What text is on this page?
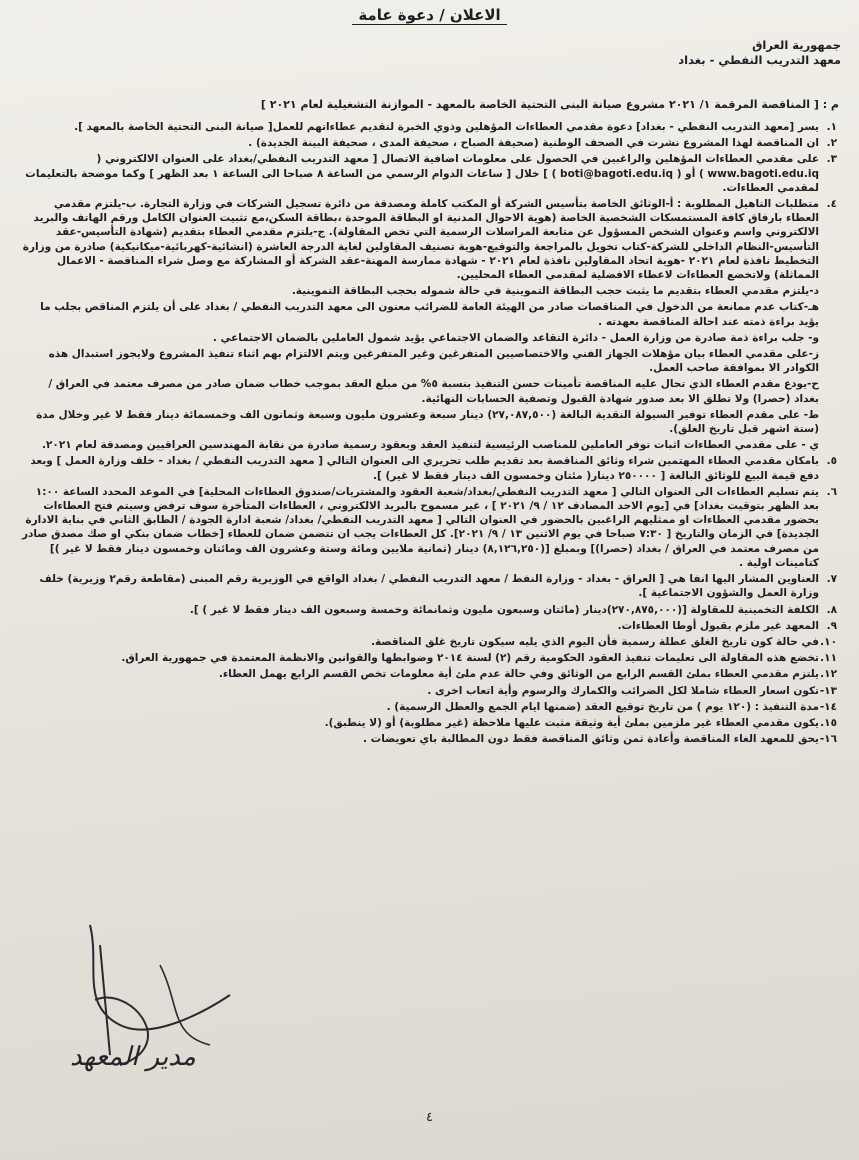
الاعلان / دعوة عامة
جمهورية العراق
معهد التدريب النفطي - بغداد
م : [ المناقصة المرقمة ١/ ٢٠٢١ مشروع صيانة البنى التحتية الخاصة بالمعهد - الموازنة التشغيلية لعام ٢٠٢١ ]
١.
يسر [معهد التدريب النفطي - بغداد] دعوة مقدمي العطاءات المؤهلين وذوي الخبرة لتقديم عطاءاتهم للعمل[ صيانة البنى التحتية الخاصة بالمعهد ].
٢.
ان المناقصة لهذا المشروع نشرت في الصحف الوطنية (صحيفة الصباح ، صحيفة المدى ، صحيفة البينة الجديدة) .
٣.
على مقدمي العطاءات المؤهلين والراغبين في الحصول على معلومات اضافية الاتصال [ معهد التدريب النفطي/بغداد على العنوان الالكتروني ( www.bagoti.edu.iq ) أو ( boti@bagoti.edu.iq ) ] خلال [ ساعات الدوام الرسمي من الساعة ٨ صباحا الى الساعة ١ بعد الظهر ] وكما موضحة بالتعليمات لمقدمي العطاءات.
٤.
متطلبات التاهيل المطلوبة : أ-الوثائق الخاصة بتأسيس الشركة أو المكتب كاملة ومصدقة من دائرة تسجيل الشركات في وزارة التجارة. ب-يلتزم مقدمي العطاء بارفاق كافة المستمسكات الشخصية الخاصة (هوية الاحوال المدنية او البطاقة الموحدة ،بطاقة السكن،مع تثبيت العنوان الكامل ورقم الهاتف والبريد الالكتروني واسم وعنوان الشخص المسؤول عن متابعة المراسلات الرسمية التي تخص المقاولة). ج-يلتزم مقدمي العطاء بتقديم (شهادة التأسيس-عقد التأسيس-النظام الداخلي للشركة-كتاب تخويل بالمراجعة والتوقيع-هوية تصنيف المقاولين لغاية الدرجة العاشرة (انشائية-كهربائية-ميكانيكية) صادرة من وزارة التخطيط نافذة لعام ٢٠٢١ -هوية اتحاد المقاولين نافذة لعام ٢٠٢١ - شهادة ممارسة المهنة-عقد الشركة أو المشاركة مع وصل شراء المناقصة - الاعمال المماثلة) ولاتخضع العطاءات لاعطاء الافضلية لمقدمي العطاء المحليين.
د-يلتزم مقدمي العطاء بتقديم ما يثبت حجب البطاقة التموينية في حالة شموله بحجب البطاقة التموينية.
هـ-كتاب عدم ممانعة من الدخول في المناقصات صادر من الهيئة العامة للضرائب معنون الى معهد التدريب النفطي / بغداد على أن يلتزم المناقص بجلب ما يؤيد براءة ذمته عند احالة المناقصة بعهدته .
و- جلب براءة ذمة صادرة من وزارة العمل - دائرة التقاعد والضمان الاجتماعي يؤيد شمول العاملين بالضمان الاجتماعي .
ز-على مقدمي العطاء بيان مؤهلات الجهاز الفني والاختصاصيين المتفرغين وغير المتفرغين ويتم الالتزام بهم اثناء تنفيذ المشروع ولايجوز استبدال هذه الكوادر الا بموافقة صاحب العمل.
ح-يودع مقدم العطاء الذي تحال عليه المناقصة تأمينات حسن التنفيذ بنسبة ٥% من مبلغ العقد بموجب خطاب ضمان صادر من مصرف معتمد في العراق / بغداد (حصرا) ولا تطلق الا بعد صدور شهادة القبول وتصفية الحسابات النهائية.
ط- على مقدم العطاء توفير السيولة النقدية البالغة (٢٧,٠٨٧,٥٠٠) دينار سبعة وعشرون مليون وسبعة وثمانون الف وخمسمائة دينار فقط لا غير وخلال مدة (ستة اشهر قبل تاريخ الغلق).
ي - على مقدمي العطاءات اثبات توفر العاملين للمناصب الرئيسية لتنفيذ العقد وبعقود رسمية صادرة من نقابة المهندسين العراقيين ومصدقة لعام ٢٠٢١.
٥.
بامكان مقدمي العطاء المهتمين شراء وثائق المناقصة بعد تقديم طلب تحريري الى العنوان التالي [ معهد التدريب النفطي / بغداد - خلف وزارة العمل ] وبعد دفع قيمة البيع للوثائق البالغة [ ٢٥٠٠٠٠ دينار( مئتان وخمسون الف دينار فقط لا غير) ].
٦.
يتم تسليم العطاءات الى العنوان التالي [ معهد التدريب النفطي/بغداد/شعبة العقود والمشتريات/صندوق العطاءات المحلية] في الموعد المحدد الساعة ١:٠٠ بعد الظهر بتوقيت بغداد] في [يوم الاحد المصادف ١٢ / ٩/ ٢٠٢١ ] ، غير مسموح بالبريد الالكتروني ، العطاءات المتأخرة سوف ترفض وسيتم فتح العطاءات بحضور مقدمي العطاءات او ممثليهم الراغبين بالحضور في العنوان التالي [ معهد التدريب النفطي/ بغداد/ شعبة ادارة الجودة / الطابق الثاني في بناية الادارة الجديدة] في الزمان والتاريخ [ ٧:٣٠ صباحا في يوم الاثنين ١٣ / ٩/ ٢٠٢١]. كل العطاءات يجب ان تتضمن ضمان للعطاء [خطاب ضمان بنكي او صك مصدق صادر من مصرف معتمد في العراق / بغداد (حصرا)] وبمبلغ [(٨,١٢٦,٢٥٠) دينار (ثمانية ملايين ومائة وستة وعشرون الف ومائتان وخمسون دينار فقط لا غير )] كتامينات اولية .
٧.
العناوين المشار اليها انفا هي [ العراق - بغداد - وزارة النفط / معهد التدريب النفطي / بغداد الواقع في الوزيرية رقم المبنى (مقاطعة رقم٢ وزيرية) خلف وزارة العمل والشؤون الاجتماعية ].
٨.
الكلفة التخمينية للمقاولة [(٢٧٠,٨٧٥,٠٠٠)دينار (مائتان وسبعون مليون وثمانمائة وخمسة وسبعون الف دينار فقط لا غير ) ].
٩.
المعهد غير ملزم بقبول أوطا العطاءات.
١٠.
في حالة كون تاريخ الغلق عطلة رسمية فأن اليوم الذي يليه سيكون تاريخ غلق المناقصة.
١١.
تخضع هذه المقاولة الى تعليمات تنفيذ العقود الحكومية رقم (٢) لسنة ٢٠١٤ وضوابطها والقوانين والانظمة المعتمدة في جمهورية العراق.
١٢.
يلتزم مقدمي العطاء بملئ القسم الرابع من الوثائق وفي حالة عدم ملئ أية معلومات تخص القسم الرابع يهمل العطاء.
١٣-
تكون اسعار العطاء شاملا لكل الضرائب والكمارك والرسوم وأية اتعاب اخرى .
١٤-
مدة التنفيذ : (١٢٠ يوم ) من تاريخ توقيع العقد (ضمنها ايام الجمع والعطل الرسمية) .
١٥.
يكون مقدمي العطاء غير ملزمين بملئ أية وثيقة مثبت عليها ملاحظة (غير مطلوبة) أو (لا ينطبق).
١٦-
يحق للمعهد الغاء المناقصة وأعادة ثمن وثائق المناقصة فقط دون المطالبة باي تعويضات .
مدير المعهد
٤
